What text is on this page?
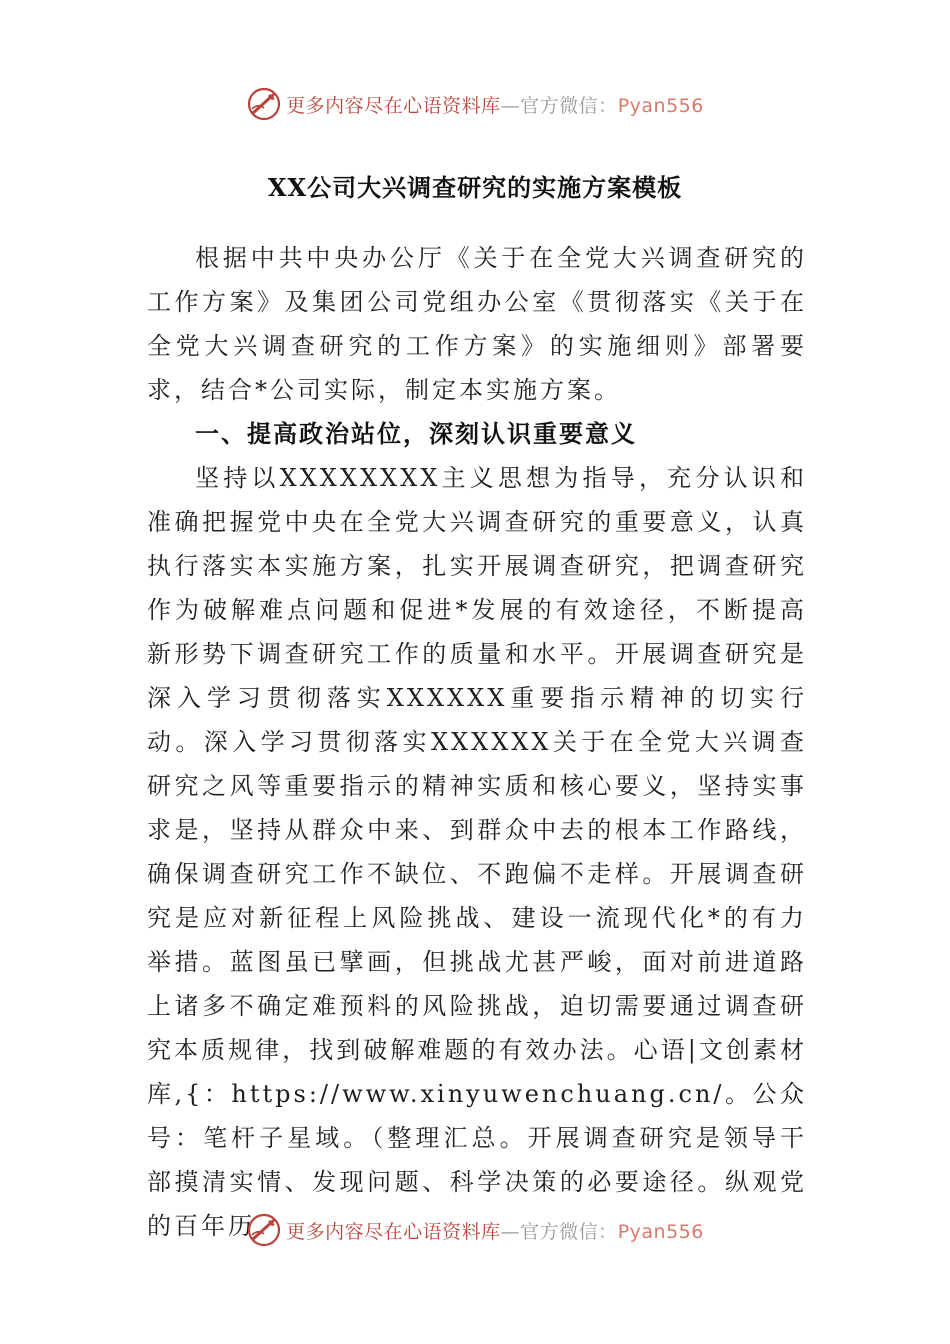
更多内容尽在心语资料库—官方微信：Pyan556
XX公司大兴调查研究的实施方案模板

根据中共中央办公厅《关于在全党大兴调查研究的工作方案》及集团公司党组办公室《贯彻落实《关于在全党大兴调查研究的工作方案》的实施细则》部署要求，结合*公司实际，制定本实施方案。

一、提高政治站位，深刻认识重要意义

坚持以XXXXXXXX主义思想为指导，充分认识和准确把握党中央在全党大兴调查研究的重要意义，认真执行落实本实施方案，扎实开展调查研究，把调查研究作为破解难点问题和促进*发展的有效途径，不断提高新形势下调查研究工作的质量和水平。开展调查研究是深入学习贯彻落实XXXXXX重要指示精神的切实行动。深入学习贯彻落实XXXXXX关于在全党大兴调查研究之风等重要指示的精神实质和核心要义，坚持实事求是，坚持从群众中来、到群众中去的根本工作路线，确保调查研究工作不缺位、不跑偏不走样。开展调查研究是应对新征程上风险挑战、建设一流现代化*的有力举措。蓝图虽已擘画，但挑战尤甚严峻，面对前进道路上诸多不确定难预料的风险挑战，迫切需要通过调查研究本质规律，找到破解难题的有效办法。心语|文创素材库,{：https://www.xinyuwenchuang.cn/。公众号：笔杆子星域。（整理汇总。开展调查研究是领导干部摸清实情、发现问题、科学决策的必要途径。纵观党的百年历	更多内容尽在心语资料库—官方微信：Pyan556
